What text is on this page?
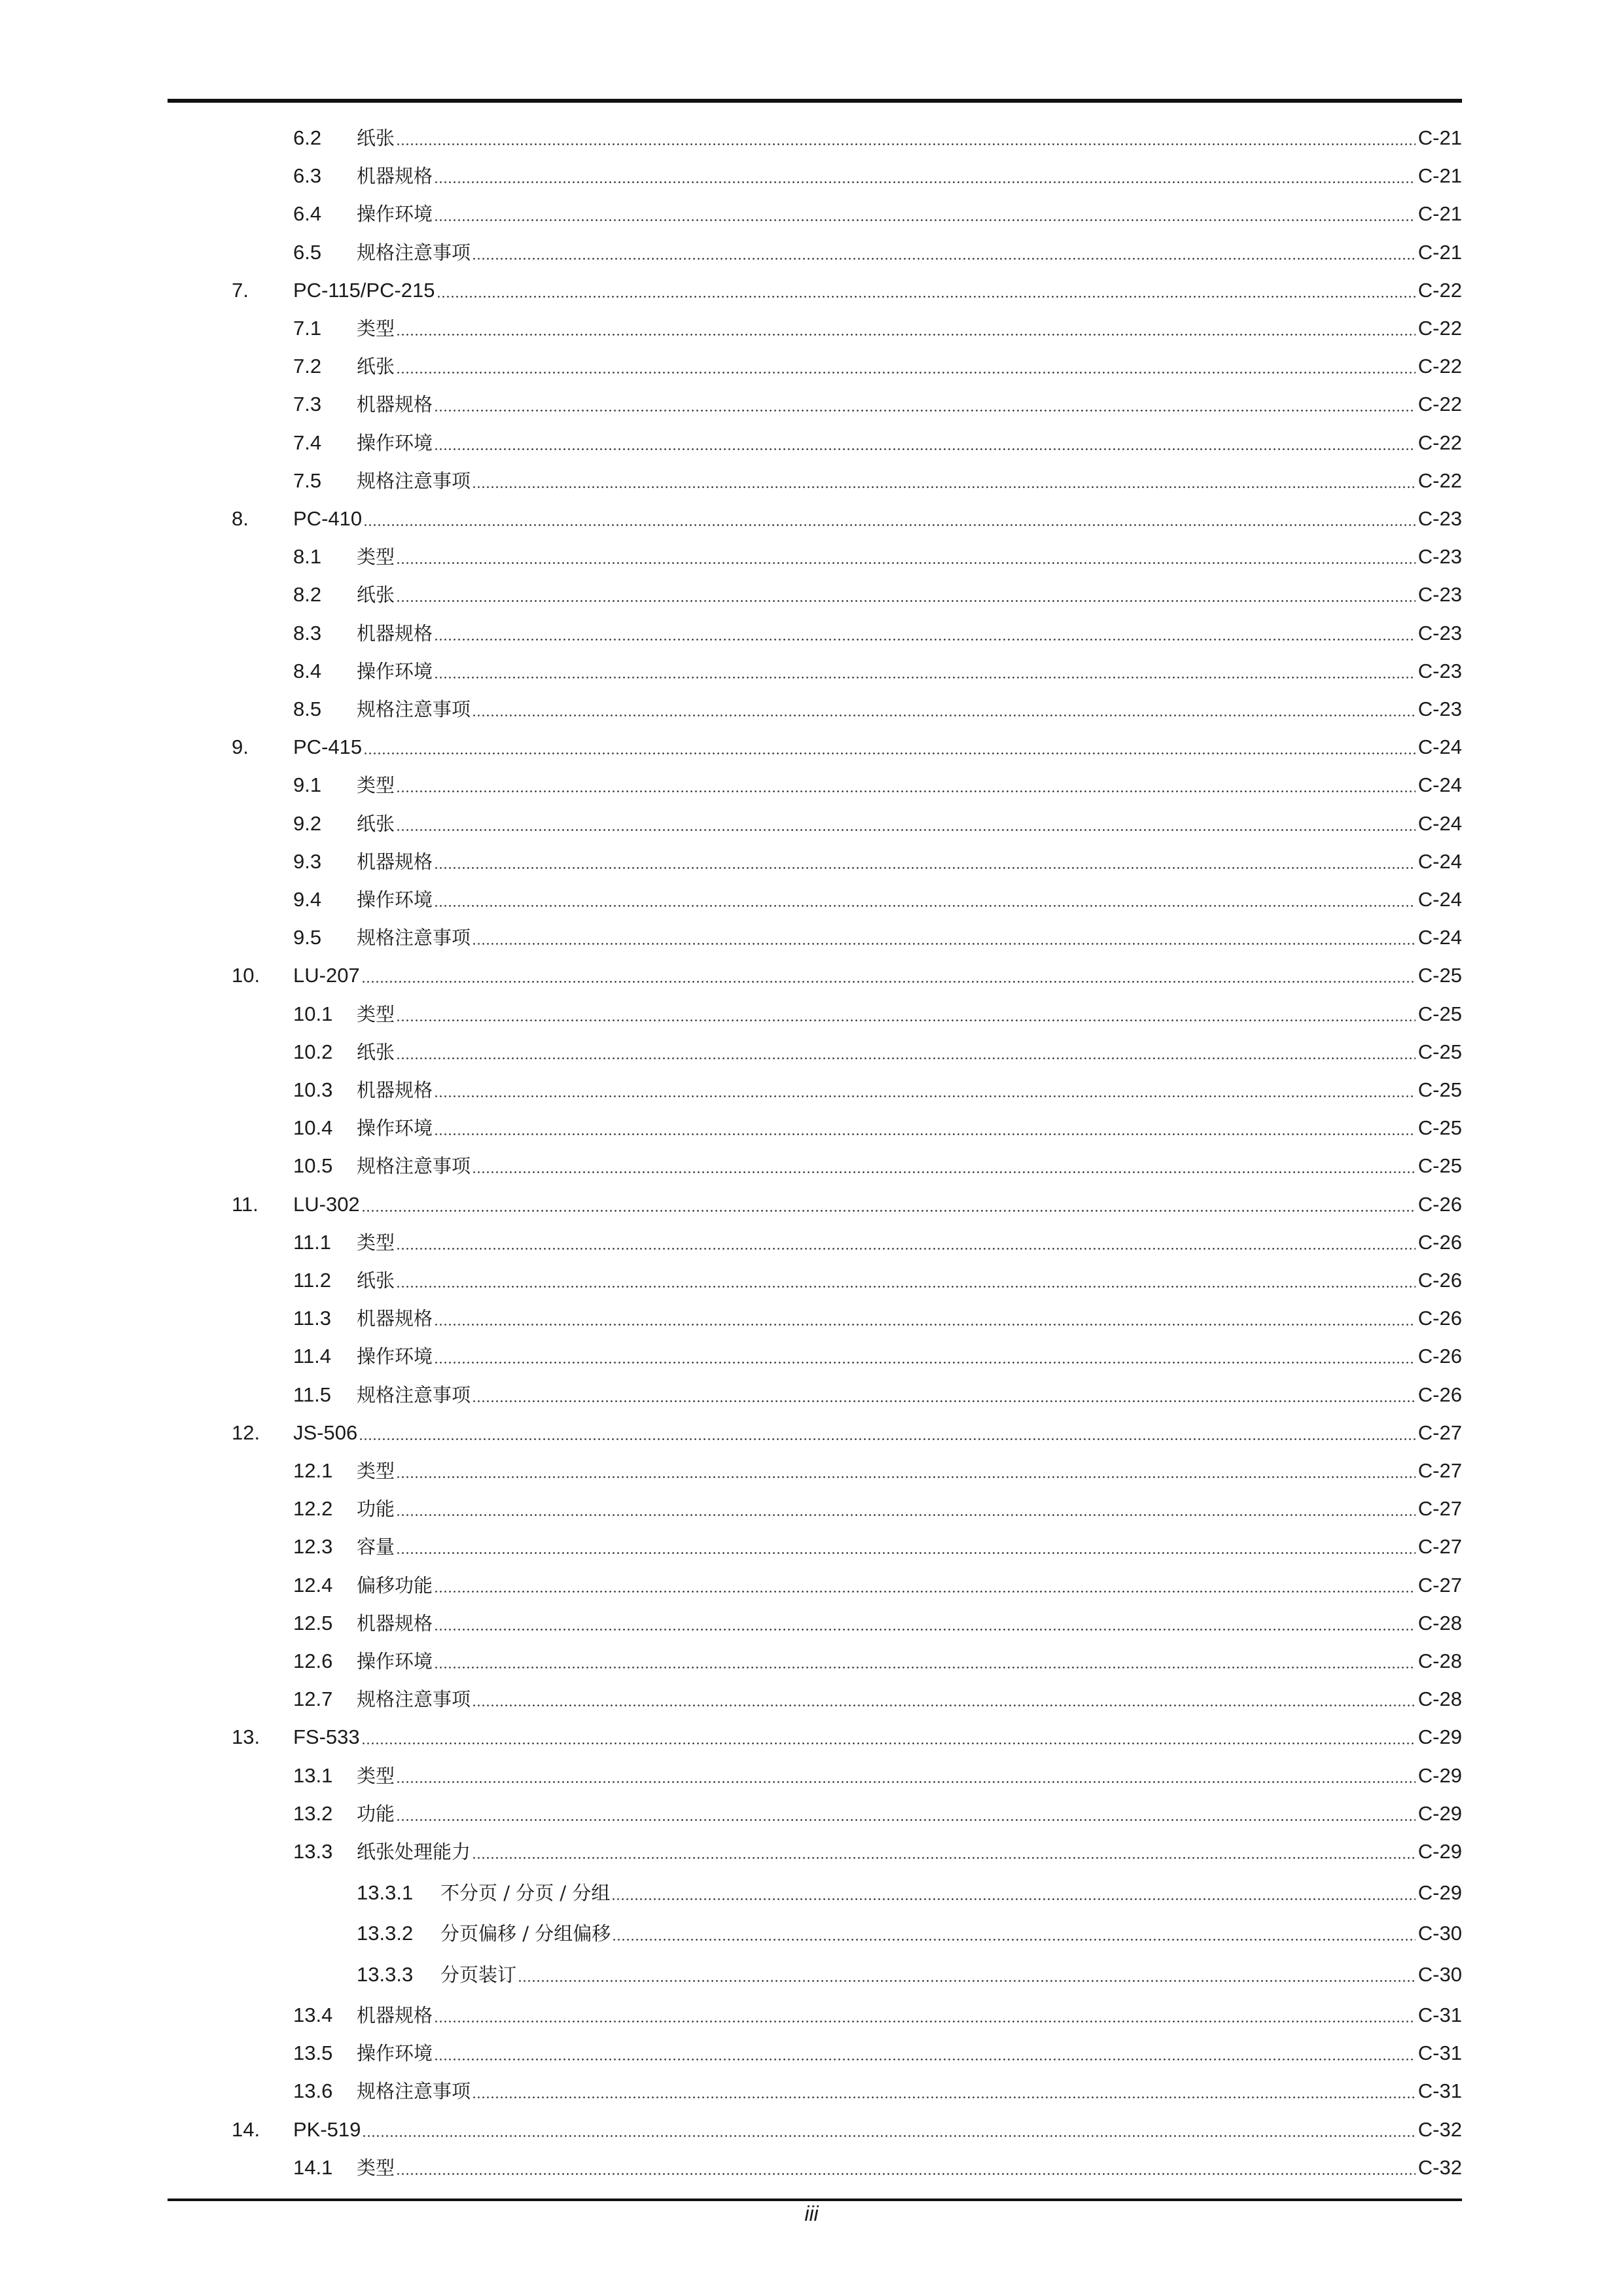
6.2 纸张	C-21
6.3 机器规格	C-21
6.4 操作环境	C-21
6.5 规格注意事项	C-21
7. PC-115/PC-215	C-22
7.1 类型	C-22
7.2 纸张	C-22
7.3 机器规格	C-22
7.4 操作环境	C-22
7.5 规格注意事项	C-22
8. PC-410	C-23
8.1 类型	C-23
8.2 纸张	C-23
8.3 机器规格	C-23
8.4 操作环境	C-23
8.5 规格注意事项	C-23
9. PC-415	C-24
9.1 类型	C-24
9.2 纸张	C-24
9.3 机器规格	C-24
9.4 操作环境	C-24
9.5 规格注意事项	C-24
10. LU-207	C-25
10.1 类型	C-25
10.2 纸张	C-25
10.3 机器规格	C-25
10.4 操作环境	C-25
10.5 规格注意事项	C-25
11. LU-302	C-26
11.1 类型	C-26
11.2 纸张	C-26
11.3 机器规格	C-26
11.4 操作环境	C-26
11.5 规格注意事项	C-26
12. JS-506	C-27
12.1 类型	C-27
12.2 功能	C-27
12.3 容量	C-27
12.4 偏移功能	C-27
12.5 机器规格	C-28
12.6 操作环境	C-28
12.7 规格注意事项	C-28
13. FS-533	C-29
13.1 类型	C-29
13.2 功能	C-29
13.3 纸张处理能力	C-29
13.3.1 不分页 / 分页 / 分组	C-29
13.3.2 分页偏移 / 分组偏移	C-30
13.3.3 分页装订	C-30
13.4 机器规格	C-31
13.5 操作环境	C-31
13.6 规格注意事项	C-31
14. PK-519	C-32
14.1 类型	C-32
iii
